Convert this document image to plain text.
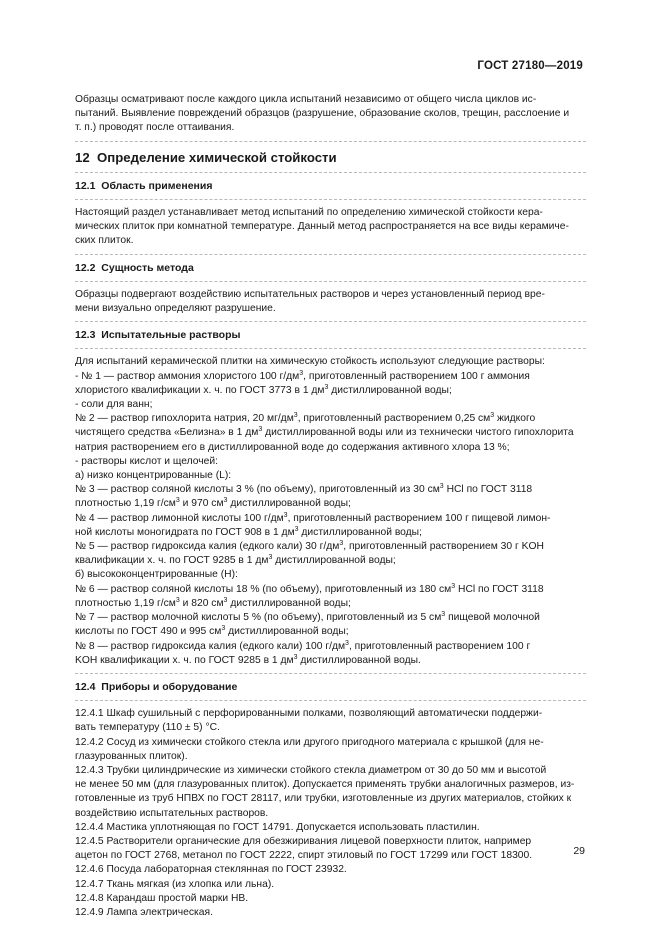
ГОСТ 27180—2019
Образцы осматривают после каждого цикла испытаний независимо от общего числа циклов ис-
пытаний. Выявление повреждений образцов (разрушение, образование сколов, трещин, расслоение и
т. п.) проводят после оттаивания.
12 Определение химической стойкости
12.1 Область применения
Настоящий раздел устанавливает метод испытаний по определению химической стойкости кера-
мических плиток при комнатной температуре. Данный метод распространяется на все виды керамиче-
ских плиток.
12.2 Сущность метода
Образцы подвергают воздействию испытательных растворов и через установленный период вре-
мени визуально определяют разрушение.
12.3 Испытательные растворы
Для испытаний керамической плитки на химическую стойкость используют следующие растворы:
- № 1 — раствор аммония хлористого 100 $г/дм^3$, приготовленный растворением 100 г аммония
хлористого квалификации х. ч. по ГОСТ 3773 в 1 $дм^3$ дистиллированной воды;
- соли для ванн;
№ 2 — раствор гипохлорита натрия, 20 $мг/дм^3$, приготовленный растворением 0,25 $см^3$ жидкого
чистящего средства «Белизна» в 1 $дм^3$ дистиллированной воды или из технически чистого гипохлорита
натрия растворением его в дистиллированной воде до содержания активного хлора 13 %;
- растворы кислот и щелочей:
а) низко концентрированные (L):
№ 3 — раствор соляной кислоты 3 % (по объему), приготовленный из 30 $см^3$ HCl по ГОСТ 3118
плотностью 1,19 $г/см^3$ и 970 $см^3$ дистиллированной воды;
№ 4 — раствор лимонной кислоты 100 $г/дм^3$, приготовленный растворением 100 г пищевой лимон-
ной кислоты моногидрата по ГОСТ 908 в 1 $дм^3$ дистиллированной воды;
№ 5 — раствор гидроксида калия (едкого кали) 30 $г/дм^3$, приготовленный растворением 30 г KOH
квалификации х. ч. по ГОСТ 9285 в 1 $дм^3$ дистиллированной воды;
б) высококонцентрированные (Н):
№ 6 — раствор соляной кислоты 18 % (по объему), приготовленный из 180 $см^3$ HCl по ГОСТ 3118
плотностью 1,19 $г/см^3$ и 820 $см^3$ дистиллированной воды;
№ 7 — раствор молочной кислоты 5 % (по объему), приготовленный из 5 $см^3$ пищевой молочной
кислоты по ГОСТ 490 и 995 $см^3$ дистиллированной воды;
№ 8 — раствор гидроксида калия (едкого кали) 100 $г/дм^3$, приготовленный растворением 100 г
KOH квалификации х. ч. по ГОСТ 9285 в 1 $дм^3$ дистиллированной воды.
12.4 Приборы и оборудование
12.4.1 Шкаф сушильный с перфорированными полками, позволяющий автоматически поддержи-
вать температуру (110 ± 5) °С.
12.4.2 Сосуд из химически стойкого стекла или другого пригодного материала с крышкой (для не-
глазурованных плиток).
12.4.3 Трубки цилиндрические из химически стойкого стекла диаметром от 30 до 50 мм и высотой
не менее 50 мм (для глазурованных плиток). Допускается применять трубки аналогичных размеров, из-
готовленные из труб НПВХ по ГОСТ 28117, или трубки, изготовленные из других материалов, стойких к
воздействию испытательных растворов.
12.4.4 Мастика уплотняющая по ГОСТ 14791. Допускается использовать пластилин.
12.4.5 Растворители органические для обезжиривания лицевой поверхности плиток, например
ацетон по ГОСТ 2768, метанол по ГОСТ 2222, спирт этиловый по ГОСТ 17299 или ГОСТ 18300.
12.4.6 Посуда лабораторная стеклянная по ГОСТ 23932.
12.4.7 Ткань мягкая (из хлопка или льна).
12.4.8 Карандаш простой марки НВ.
12.4.9 Лампа электрическая.
29
